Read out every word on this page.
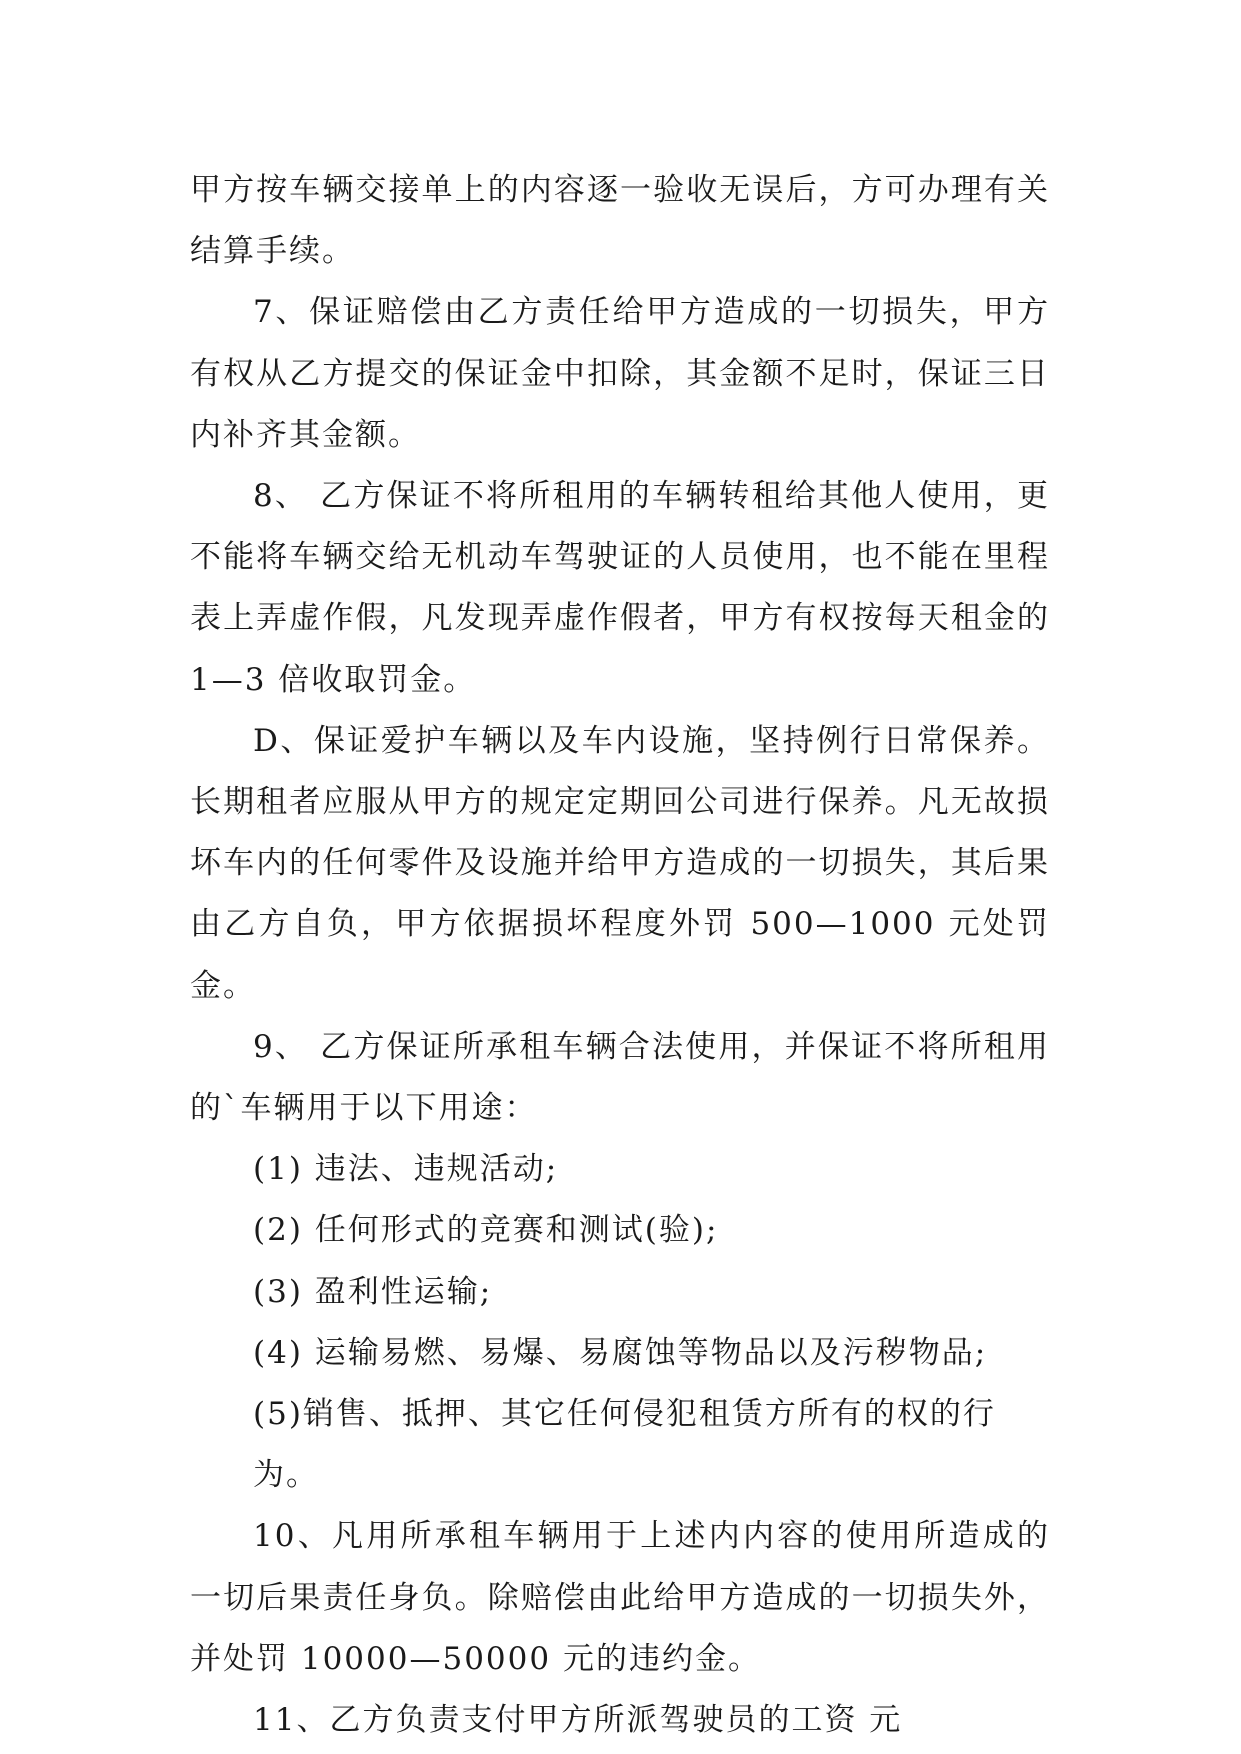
甲方按车辆交接单上的内容逐一验收无误后，方可办理有关结算手续。

7、保证赔偿由乙方责任给甲方造成的一切损失，甲方有权从乙方提交的保证金中扣除，其金额不足时，保证三日内补齐其金额。

8、 乙方保证不将所租用的车辆转租给其他人使用，更不能将车辆交给无机动车驾驶证的人员使用，也不能在里程表上弄虚作假，凡发现弄虚作假者，甲方有权按每天租金的1—3 倍收取罚金。

D、保证爱护车辆以及车内设施，坚持例行日常保养。长期租者应服从甲方的规定定期回公司进行保养。凡无故损坏车内的任何零件及设施并给甲方造成的一切损失，其后果由乙方自负，甲方依据损坏程度外罚 500—1000 元处罚金。

9、 乙方保证所承租车辆合法使用，并保证不将所租用的`车辆用于以下用途：

(1) 违法、违规活动;

(2) 任何形式的竞赛和测试(验);

(3) 盈利性运输;

(4) 运输易燃、易爆、易腐蚀等物品以及污秽物品;

(5)销售、抵押、其它任何侵犯租赁方所有的权的行为。

10、凡用所承租车辆用于上述内内容的使用所造成的一切后果责任身负。除赔偿由此给甲方造成的一切损失外，并处罚 10000—50000 元的违约金。

11、乙方负责支付甲方所派驾驶员的工资 元
